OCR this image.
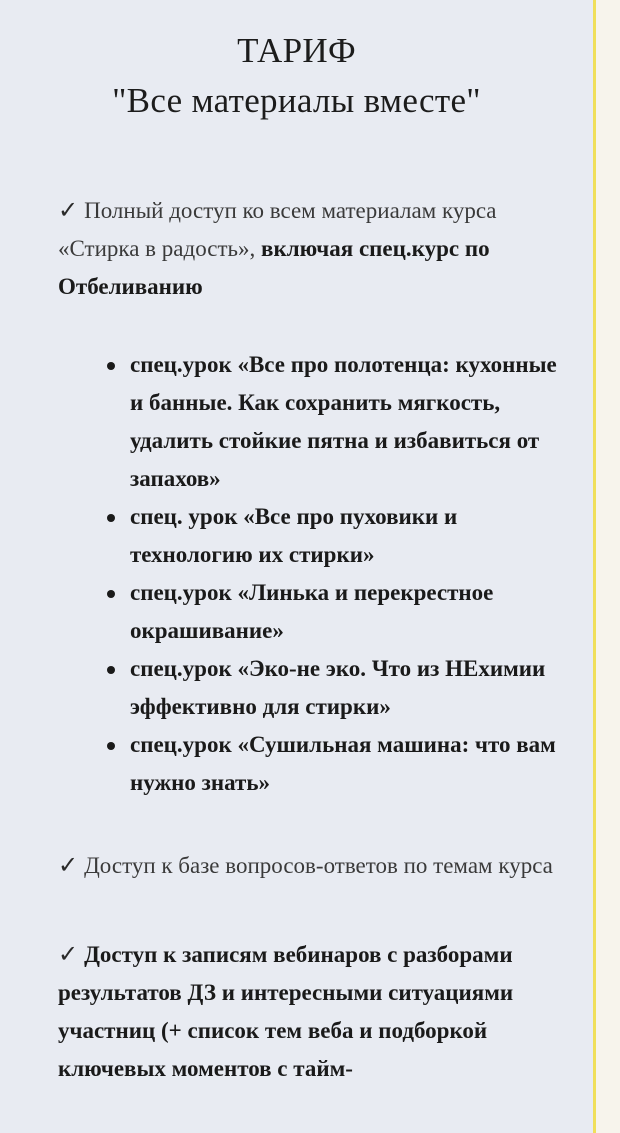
ТАРИФ
"Все материалы вместе"

✓ Полный доступ ко всем материалам курса «Стирка в радость», включая спец.курс по Отбеливанию

спец.урок «Все про полотенца: кухонные и банные. Как сохранить мягкость, удалить стойкие пятна и избавиться от запахов»
спец. урок «Все про пуховики и технологию их стирки»
спец.урок «Линька и перекрестное окрашивание»
спец.урок «Эко-не эко. Что из НЕхимии эффективно для стирки»
спец.урок «Сушильная машина: что вам нужно знать»

✓ Доступ к базе вопросов-ответов по темам курса

✓ Доступ к записям вебинаров с разборами результатов ДЗ и интересными ситуациями участниц (+ список тем веба и подборкой ключевых моментов с тайм-
